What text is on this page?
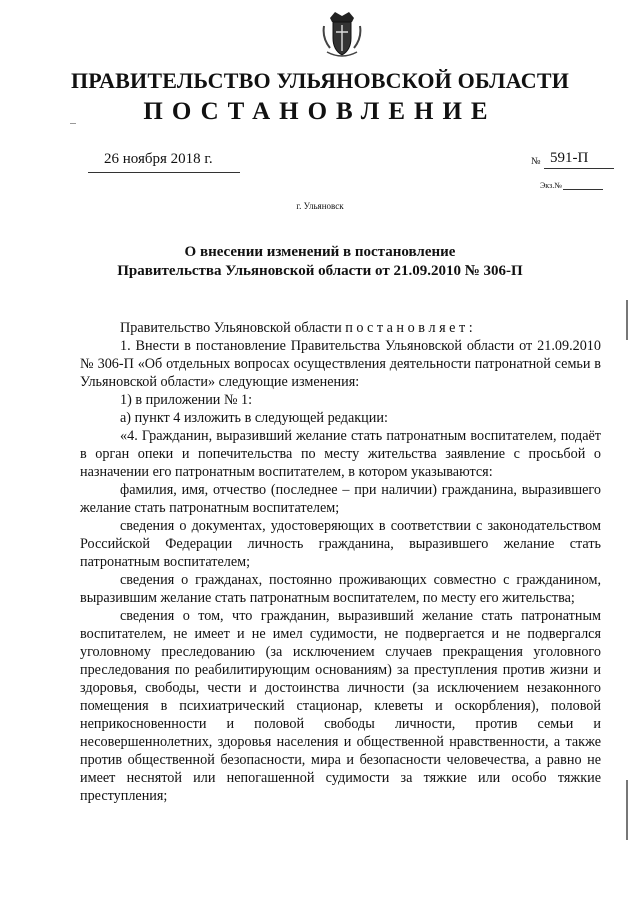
ПРАВИТЕЛЬСТВО УЛЬЯНОВСКОЙ ОБЛАСТИ
ПОСТАНОВЛЕНИЕ
26 ноября 2018 г.	№ 591-П
Экз.№
г. Ульяновск
О внесении изменений в постановление
Правительства Ульяновской области от 21.09.2010 № 306-П

Правительство Ульяновской области п о с т а н о в л я е т :

1. Внести в постановление Правительства Ульяновской области от 21.09.2010 № 306-П «Об отдельных вопросах осуществления деятельности патронатной семьи в Ульяновской области» следующие изменения:

1) в приложении № 1:

а) пункт 4 изложить в следующей редакции:

«4. Гражданин, выразивший желание стать патронатным воспитателем, подаёт в орган опеки и попечительства по месту жительства заявление с просьбой о назначении его патронатным воспитателем, в котором указываются:

фамилия, имя, отчество (последнее – при наличии) гражданина, выразившего желание стать патронатным воспитателем;

сведения о документах, удостоверяющих в соответствии с законодательством Российской Федерации личность гражданина, выразившего желание стать патронатным воспитателем;

сведения о гражданах, постоянно проживающих совместно с гражданином, выразившим желание стать патронатным воспитателем, по месту его жительства;

сведения о том, что гражданин, выразивший желание стать патронатным воспитателем, не имеет и не имел судимости, не подвергается и не подвергался уголовному преследованию (за исключением случаев прекращения уголовного преследования по реабилитирующим основаниям) за преступления против жизни и здоровья, свободы, чести и достоинства личности (за исключением незаконного помещения в психиатрический стационар, клеветы и оскорбления), половой неприкосновенности и половой свободы личности, против семьи и несовершеннолетних, здоровья населения и общественной нравственности, а также против общественной безопасности, мира и безопасности человечества, а равно не имеет неснятой или непогашенной судимости за тяжкие или особо тяжкие преступления;
